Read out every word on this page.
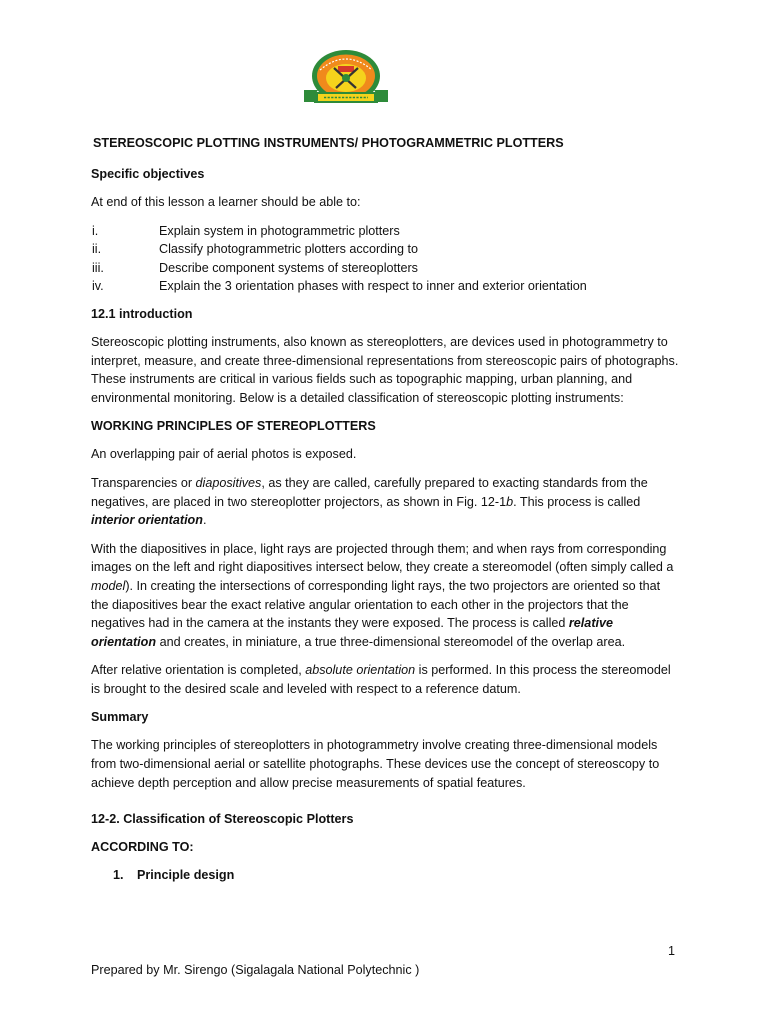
STEREOSCOPIC PLOTTING INSTRUMENTS/ PHOTOGRAMMETRIC PLOTTERS
Specific objectives

At end of this lesson a learner should be able to:

i.	Explain system in photogrammetric plotters
ii.	Classify photogrammetric plotters according to
iii.	Describe component systems of stereoplotters
iv.	Explain the 3 orientation phases with respect to inner and exterior orientation
12.1 introduction

Stereoscopic plotting instruments, also known as stereoplotters, are devices used in photogrammetry to interpret, measure, and create three-dimensional representations from stereoscopic pairs of photographs. These instruments are critical in various fields such as topographic mapping, urban planning, and environmental monitoring. Below is a detailed classification of stereoscopic plotting instruments:

WORKING PRINCIPLES OF STEREOPLOTTERS

An overlapping pair of aerial photos is exposed.

Transparencies or diapositives, as they are called, carefully prepared to exacting standards from the negatives, are placed in two stereoplotter projectors, as shown in Fig. 12-1b. This process is called interior orientation.

With the diapositives in place, light rays are projected through them; and when rays from corresponding images on the left and right diapositives intersect below, they create a stereomodel (often simply called a model). In creating the intersections of corresponding light rays, the two projectors are oriented so that the diapositives bear the exact relative angular orientation to each other in the projectors that the negatives had in the camera at the instants they were exposed. The process is called relative orientation and creates, in miniature, a true three-dimensional stereomodel of the overlap area.

After relative orientation is completed, absolute orientation is performed. In this process the stereomodel is brought to the desired scale and leveled with respect to a reference datum.

Summary

The working principles of stereoplotters in photogrammetry involve creating three-dimensional models from two-dimensional aerial or satellite photographs. These devices use the concept of stereoscopy to achieve depth perception and allow precise measurements of spatial features.

12-2. Classification of Stereoscopic Plotters
ACCORDING TO:
1.	Principle design
1
Prepared by Mr. Sirengo (Sigalagala National Polytechnic )
